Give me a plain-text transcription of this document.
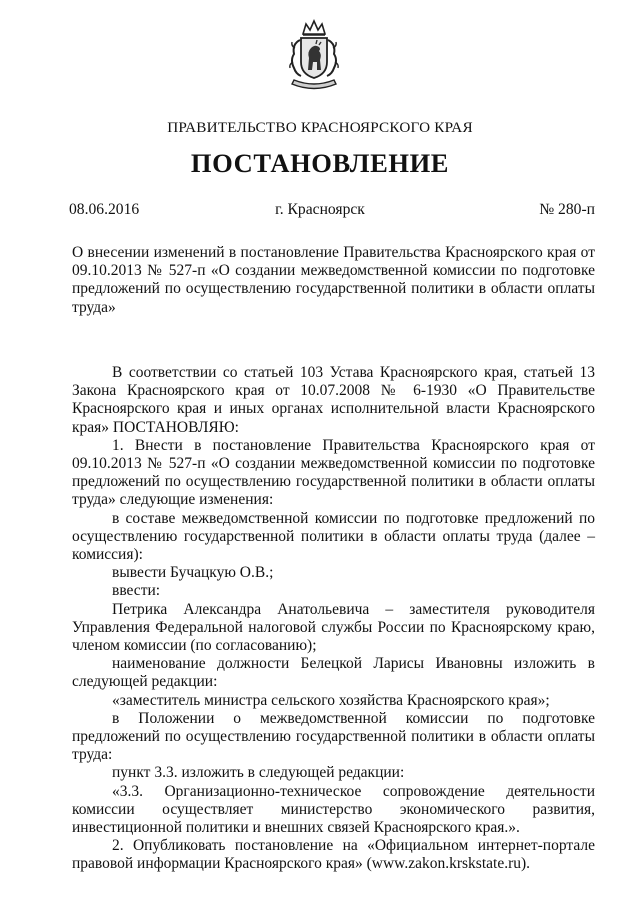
ПРАВИТЕЛЬСТВО КРАСНОЯРСКОГО КРАЯ
ПОСТАНОВЛЕНИЕ
08.06.2016	г. Красноярск	№ 280-п

О внесении изменений в постановление Правительства Красноярского края от 09.10.2013 № 527-п «О создании межведомственной комиссии по подготовке предложений по осуществлению государственной политики в области оплаты труда»

В соответствии со статьей 103 Устава Красноярского края, статьей 13 Закона Красноярского края от 10.07.2008 № 6-1930 «О Правительстве Красноярского края и иных органах исполнительной власти Красноярского края» ПОСТАНОВЛЯЮ:

1. Внести в постановление Правительства Красноярского края от 09.10.2013 № 527-п «О создании межведомственной комиссии по подготовке предложений по осуществлению государственной политики в области оплаты труда» следующие изменения:

в составе межведомственной комиссии по подготовке предложений по осуществлению государственной политики в области оплаты труда (далее – комиссия):

вывести Бучацкую О.В.;

ввести:

Петрика Александра Анатольевича – заместителя руководителя Управления Федеральной налоговой службы России по Красноярскому краю, членом комиссии (по согласованию);

наименование должности Белецкой Ларисы Ивановны изложить в следующей редакции:

«заместитель министра сельского хозяйства Красноярского края»;

в Положении о межведомственной комиссии по подготовке предложений по осуществлению государственной политики в области оплаты труда:

пункт 3.3. изложить в следующей редакции:

«3.3. Организационно-техническое сопровождение деятельности комиссии осуществляет министерство экономического развития, инвестиционной политики и внешних связей Красноярского края.».

2. Опубликовать постановление на «Официальном интернет-портале правовой информации Красноярского края» (www.zakon.krskstate.ru).
